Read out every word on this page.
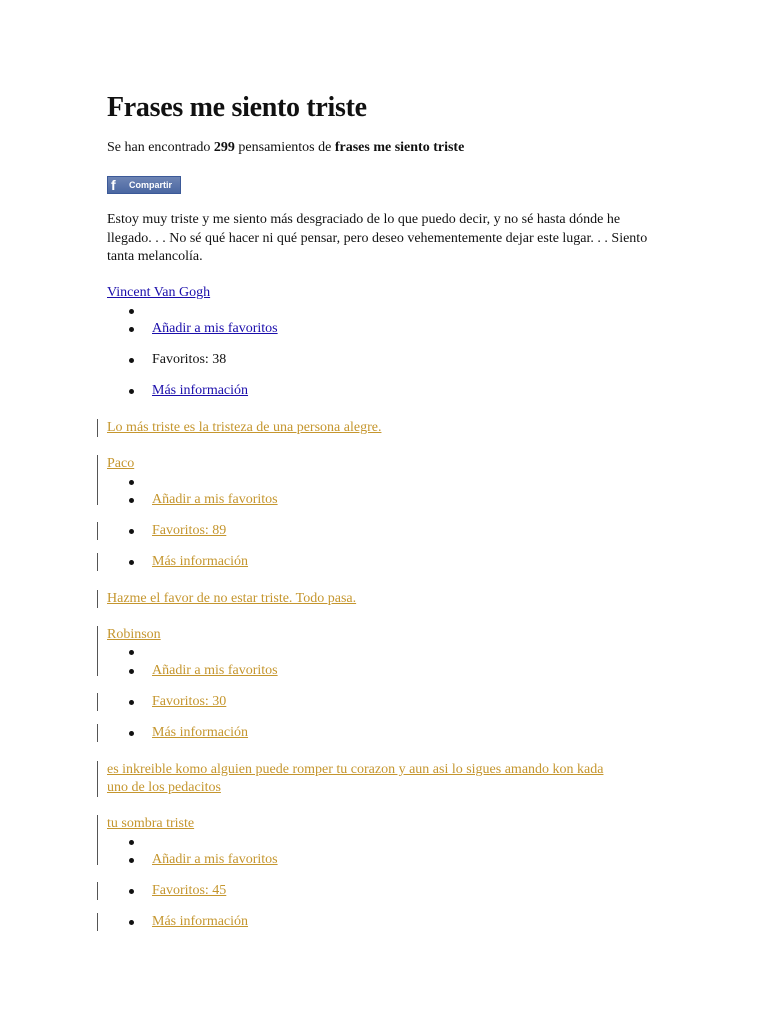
Frases me siento triste
Se han encontrado 299 pensamientos de frases me siento triste
f	Compartir
Estoy muy triste y me siento más desgraciado de lo que puedo decir, y no sé hasta dónde he llegado. . . No sé qué hacer ni qué pensar, pero deseo vehementemente dejar este lugar. . . Siento tanta melancolía.
Vincent Van Gogh
Añadir a mis favoritos
Favoritos: 38
Más información
Lo más triste es la tristeza de una persona alegre.
Paco
Añadir a mis favoritos
Favoritos: 89
Más información
Hazme el favor de no estar triste. Todo pasa.
Robinson
Añadir a mis favoritos
Favoritos: 30
Más información
es inkreible komo alguien puede romper tu corazon y aun asi lo sigues amando kon kada
uno de los pedacitos
tu sombra triste
Añadir a mis favoritos
Favoritos: 45
Más información
